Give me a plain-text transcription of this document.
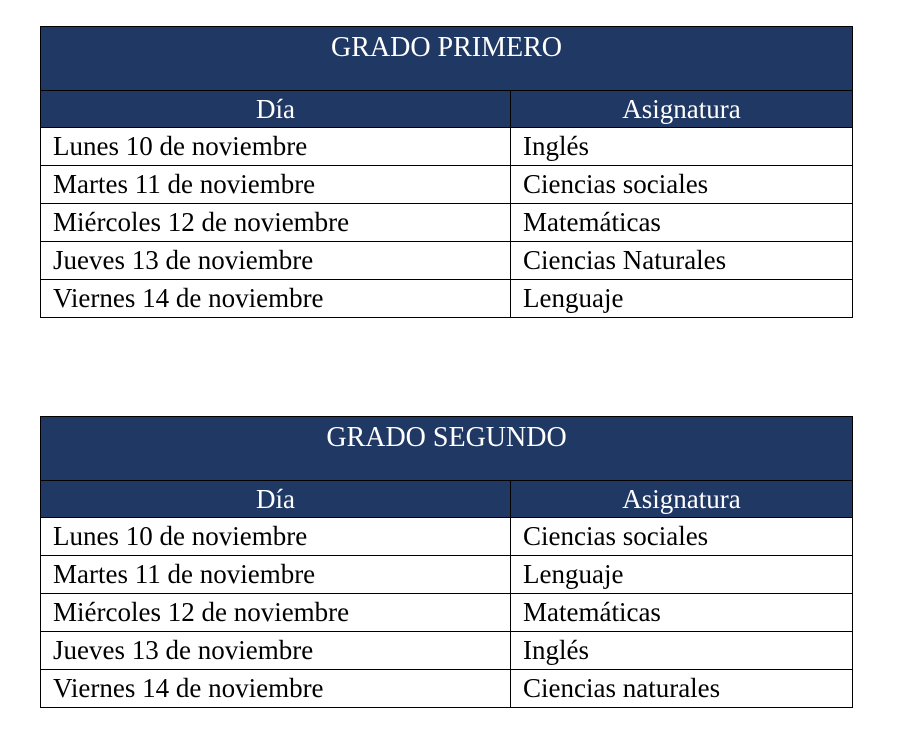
GRADO PRIMERO	
Día	Asignatura
Lunes 10 de noviembre	Inglés
Martes 11 de noviembre	Ciencias sociales
Miércoles 12 de noviembre	Matemáticas
Jueves 13 de noviembre	Ciencias Naturales
Viernes 14 de noviembre	Lenguaje
GRADO SEGUNDO	
Día	Asignatura
Lunes 10 de noviembre	Ciencias sociales
Martes 11 de noviembre	Lenguaje
Miércoles 12 de noviembre	Matemáticas
Jueves 13 de noviembre	Inglés
Viernes 14 de noviembre	Ciencias naturales
